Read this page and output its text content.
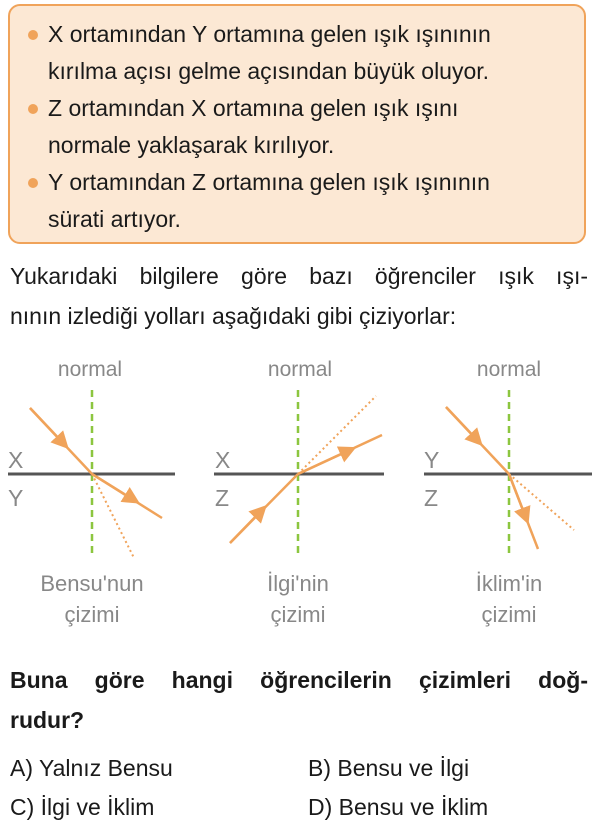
X ortamından Y ortamına gelen ışık ışınının
kırılma açısı gelme açısından büyük oluyor.
Z ortamından X ortamına gelen ışık ışını
normale yaklaşarak kırılıyor.
Y ortamından Z ortamına gelen ışık ışınının
sürati artıyor.
Yukarıdaki bilgilere göre bazı öğrenciler ışık ışı-
nının izlediği yolları aşağıdaki gibi çiziyorlar:
normal
X
Y
Bensu'nun
çizimi
normal
X
Z
İlgi'nin
çizimi
normal
Y
Z
İklim'in
çizimi
Buna göre hangi öğrencilerin çizimleri doğ-
rudur?
A) Yalnız Bensu	B) Bensu ve İlgi
C) İlgi ve İklim	D) Bensu ve İklim
